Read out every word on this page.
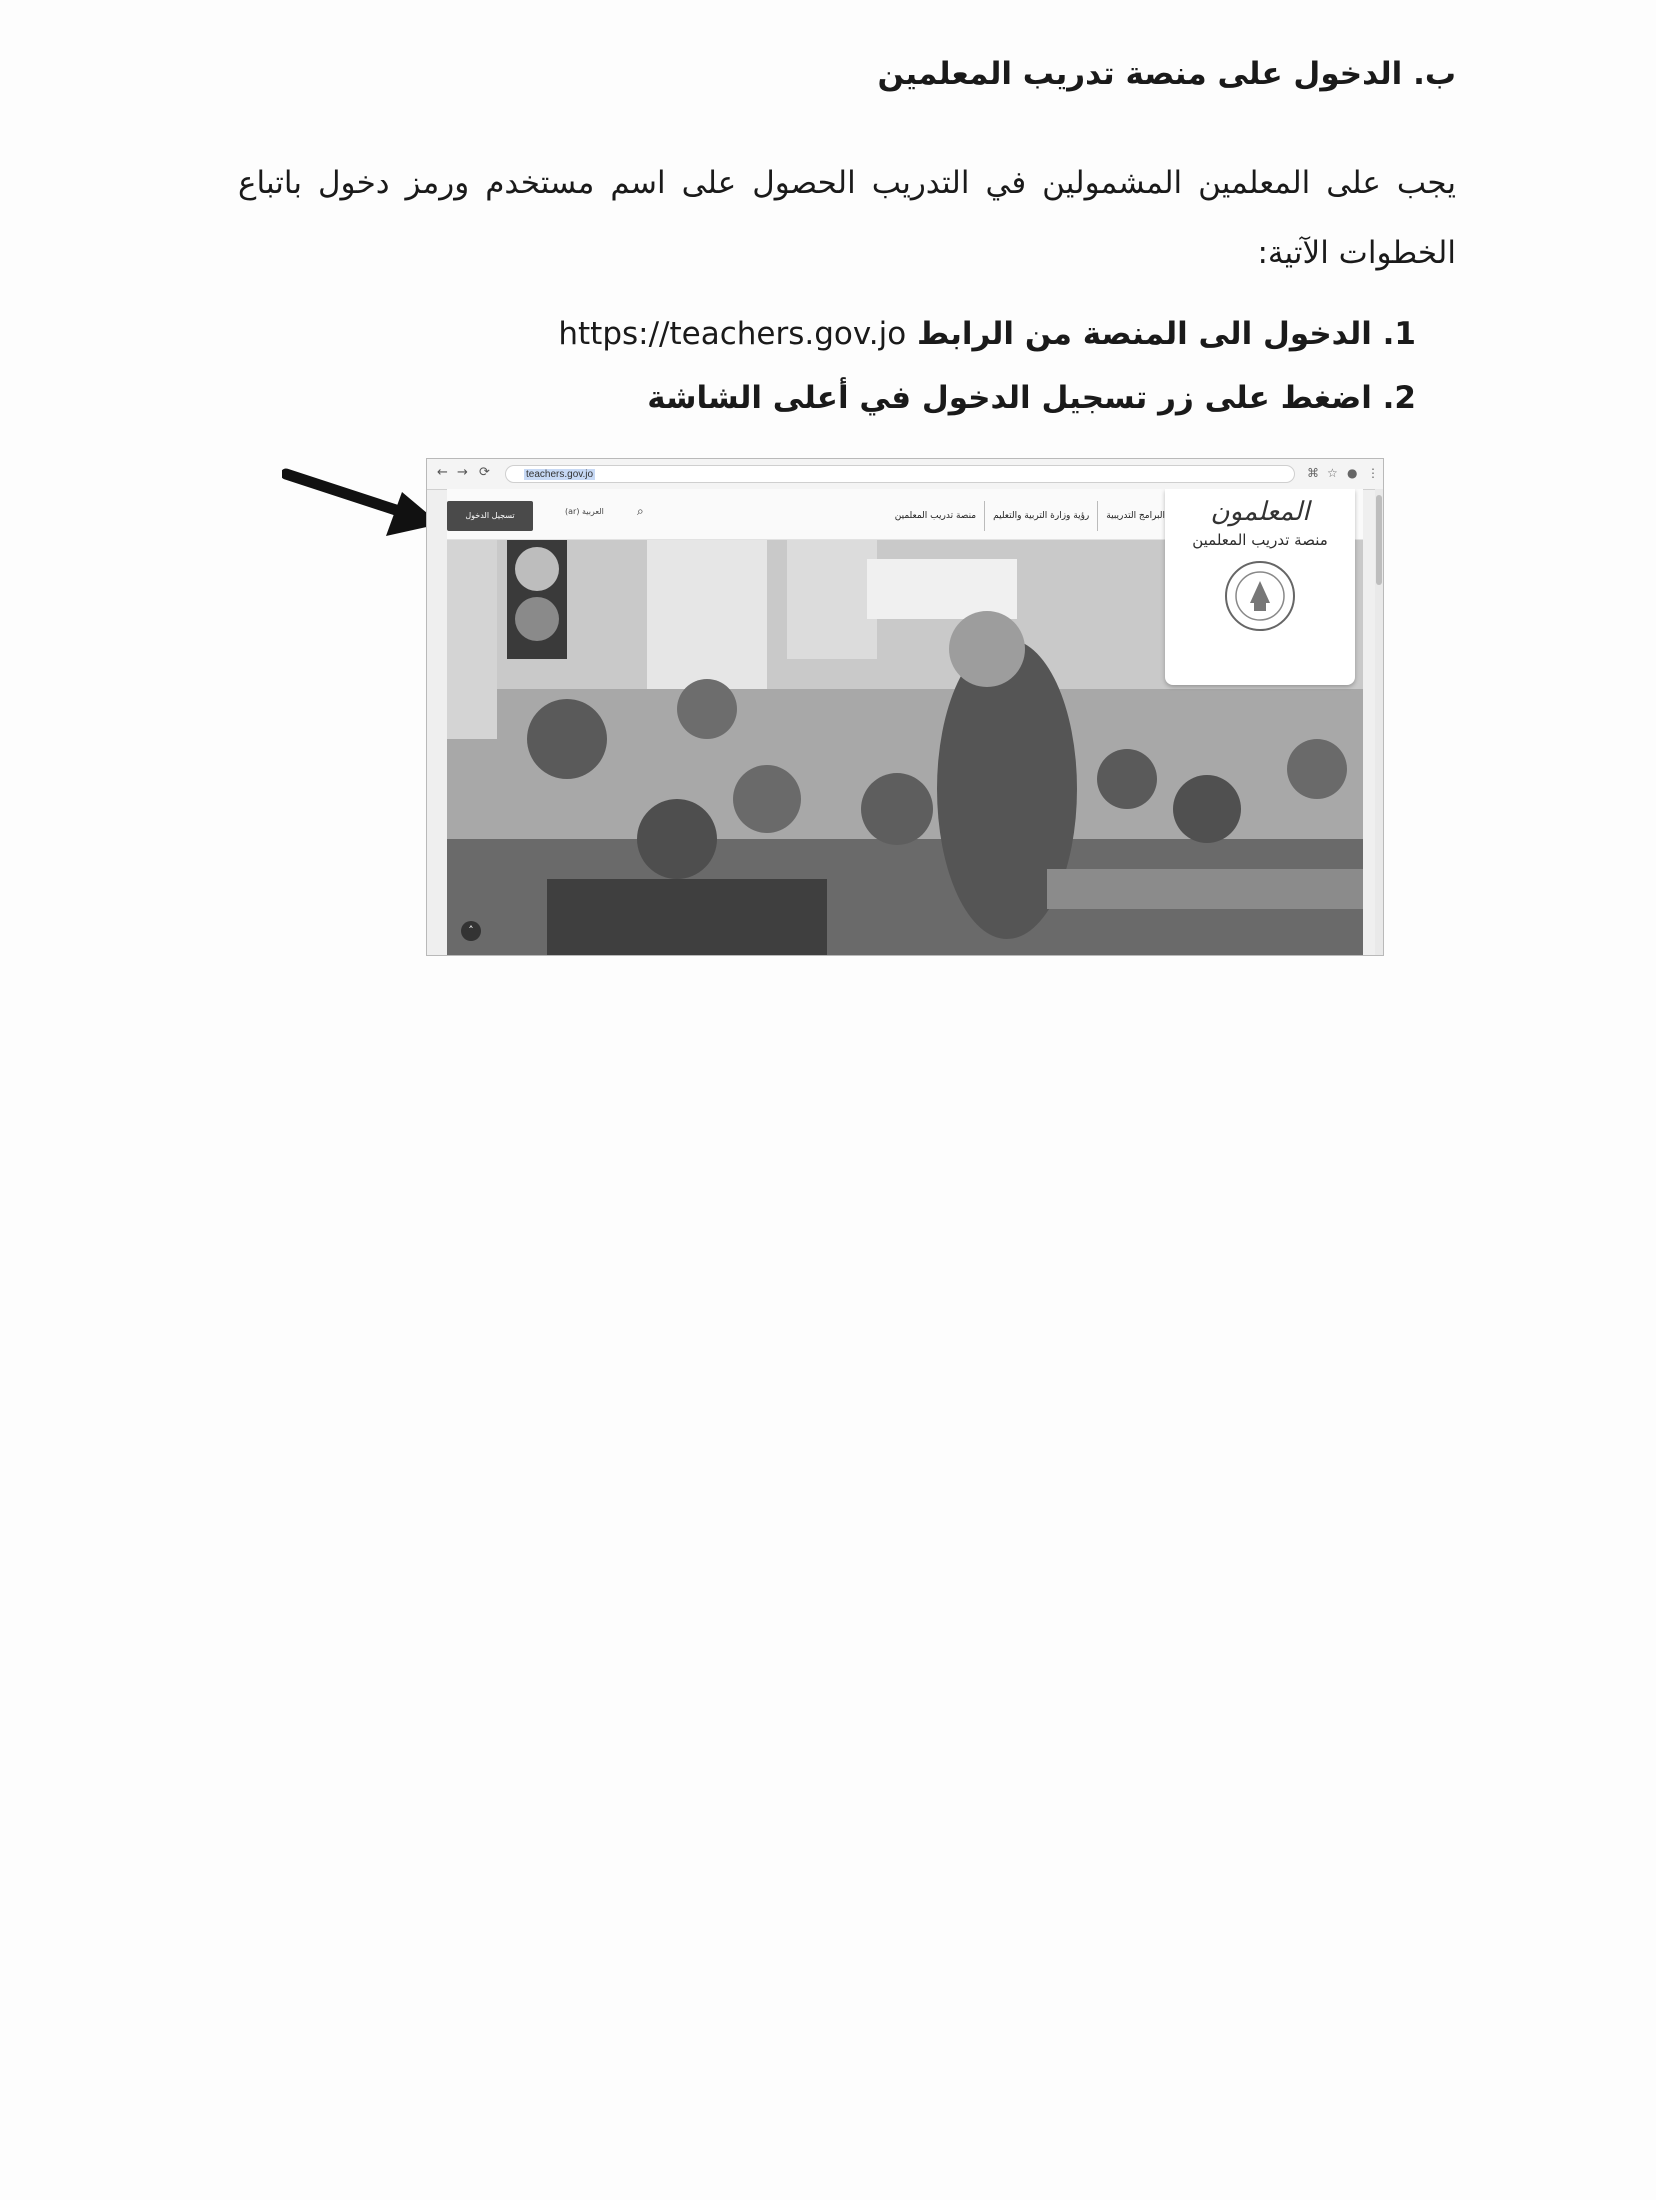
ب. الدخول على منصة تدريب المعلمين
يجب على المعلمين المشمولين في التدريب الحصول على اسم مستخدم ورمز دخول باتباع الخطوات الآتية:
1. الدخول الى المنصة من الرابط https://teachers.gov.jo
2. اضغط على زر تسجيل الدخول في أعلى الشاشة
← → ⟳	teachers.gov.jo	⌘ ☆ ● ⋮
تسجيل الدخول	العربية (ar)	⌕	البرامج التدريبية
رؤية وزارة التربية والتعليم
منصة تدريب المعلمين	المعلمون
منصة تدريب المعلمين
˄
